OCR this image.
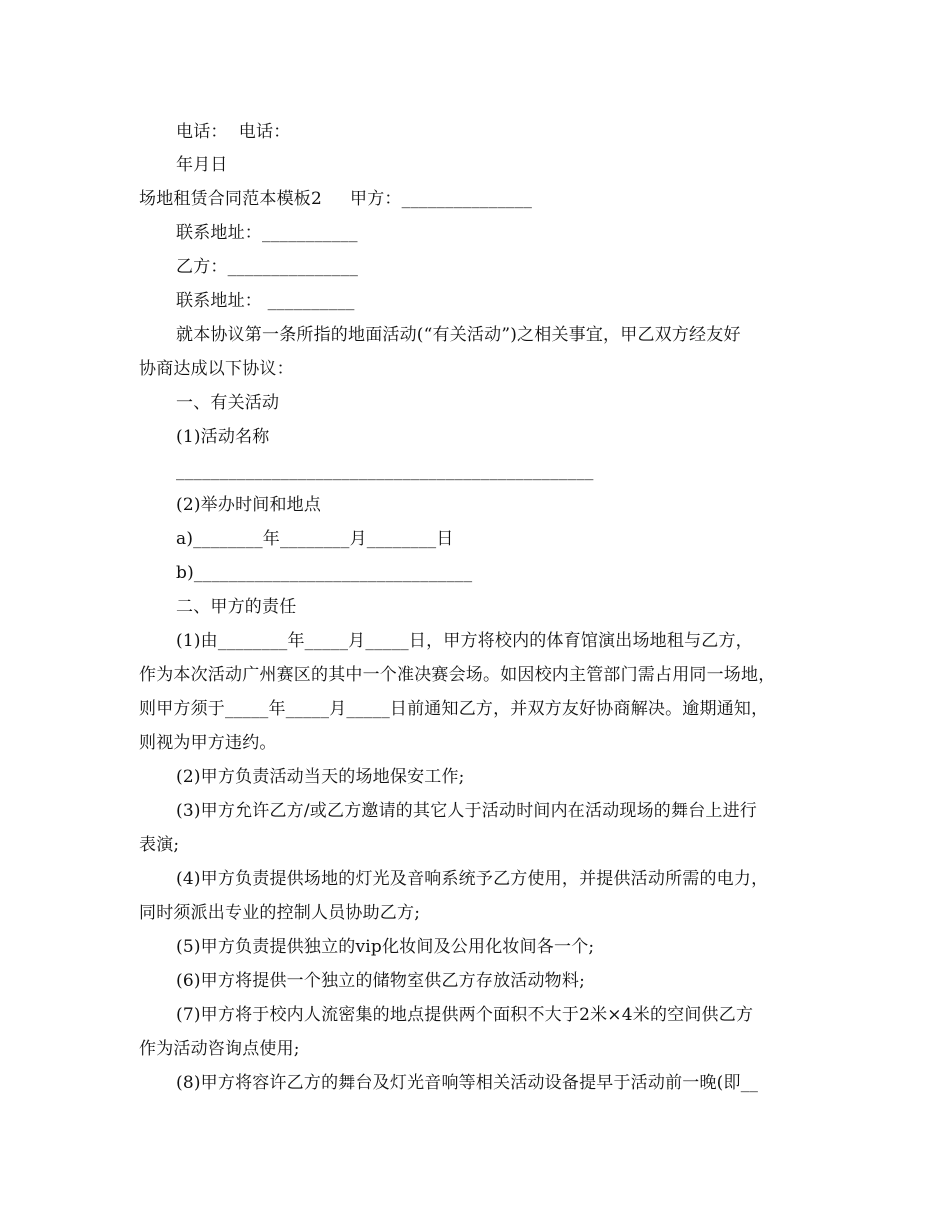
电话：  电话：
年月日
场地租赁合同范本模板2     甲方：_______________
联系地址：___________
乙方：_______________
联系地址： __________
就本协议第一条所指的地面活动(“有关活动”)之相关事宜，甲乙双方经友好
协商达成以下协议：
一、有关活动
(1)活动名称
________________________________________________
(2)举办时间和地点
a)________年________月________日
b)________________________________
二、甲方的责任
(1)由________年_____月_____日，甲方将校内的体育馆演出场地租与乙方，
作为本次活动广州赛区的其中一个准决赛会场。如因校内主管部门需占用同一场地，
则甲方须于_____年_____月_____日前通知乙方，并双方友好协商解决。逾期通知，
则视为甲方违约。
(2)甲方负责活动当天的场地保安工作;
(3)甲方允许乙方/或乙方邀请的其它人于活动时间内在活动现场的舞台上进行
表演;
(4)甲方负责提供场地的灯光及音响系统予乙方使用，并提供活动所需的电力，
同时须派出专业的控制人员协助乙方;
(5)甲方负责提供独立的vip化妆间及公用化妆间各一个;
(6)甲方将提供一个独立的储物室供乙方存放活动物料;
(7)甲方将于校内人流密集的地点提供两个面积不大于2米×4米的空间供乙方
作为活动咨询点使用;
(8)甲方将容许乙方的舞台及灯光音响等相关活动设备提早于活动前一晚(即__
